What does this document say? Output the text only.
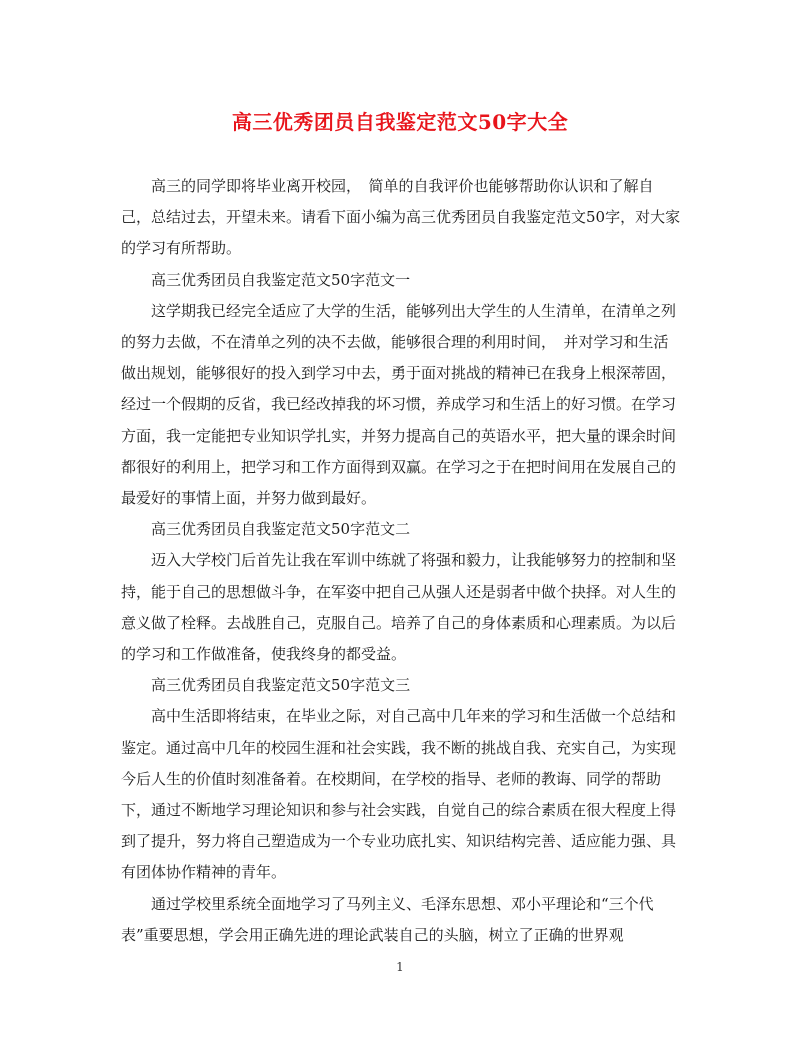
高三优秀团员自我鉴定范文50字大全

高三的同学即将毕业离开校园，　简单的自我评价也能够帮助你认识和了解自己，总结过去，开望未来。请看下面小编为高三优秀团员自我鉴定范文50字，对大家的学习有所帮助。

高三优秀团员自我鉴定范文50字范文一

这学期我已经完全适应了大学的生活，能够列出大学生的人生清单，在清单之列的努力去做，不在清单之列的决不去做，能够很合理的利用时间，　并对学习和生活做出规划，能够很好的投入到学习中去，勇于面对挑战的精神已在我身上根深蒂固，经过一个假期的反省，我已经改掉我的坏习惯，养成学习和生活上的好习惯。在学习方面，我一定能把专业知识学扎实，并努力提高自己的英语水平，把大量的课余时间都很好的利用上，把学习和工作方面得到双赢。在学习之于在把时间用在发展自己的最爱好的事情上面，并努力做到最好。

高三优秀团员自我鉴定范文50字范文二

迈入大学校门后首先让我在军训中练就了将强和毅力，让我能够努力的控制和坚持，能于自己的思想做斗争，在军姿中把自己从强人还是弱者中做个抉择。对人生的意义做了栓释。去战胜自己，克服自己。培养了自己的身体素质和心理素质。为以后的学习和工作做准备，使我终身的都受益。

高三优秀团员自我鉴定范文50字范文三

高中生活即将结束，在毕业之际，对自己高中几年来的学习和生活做一个总结和鉴定。通过高中几年的校园生涯和社会实践，我不断的挑战自我、充实自己，为实现今后人生的价值时刻准备着。在校期间，在学校的指导、老师的教诲、同学的帮助下，通过不断地学习理论知识和参与社会实践，自觉自己的综合素质在很大程度上得到了提升，努力将自己塑造成为一个专业功底扎实、知识结构完善、适应能力强、具有团体协作精神的青年。

通过学校里系统全面地学习了马列主义、毛泽东思想、邓小平理论和“三个代表”重要思想，学会用正确先进的理论武装自己的头脑，树立了正确的世界观

1
